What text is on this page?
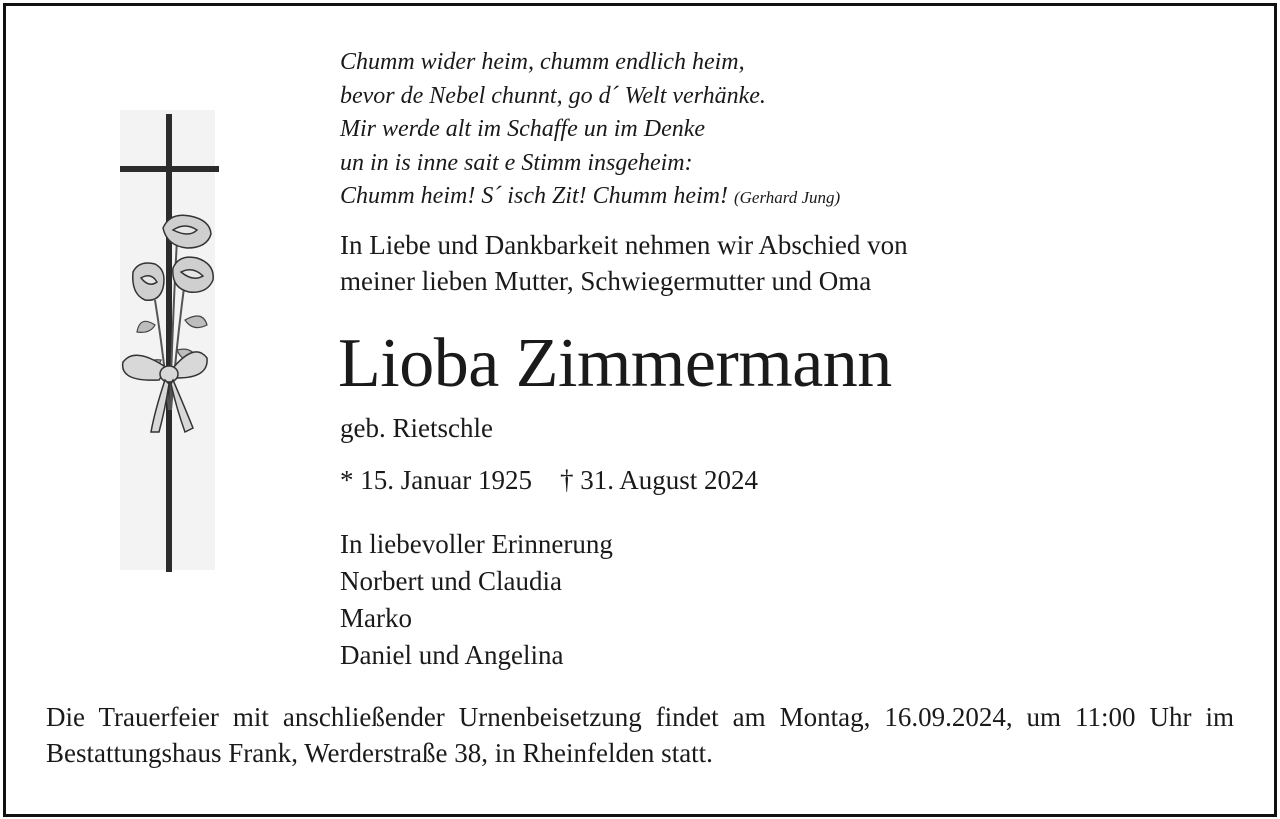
Chumm wider heim, chumm endlich heim,
bevor de Nebel chunnt, go d´ Welt verhänke.
Mir werde alt im Schaffe un im Denke
un in is inne sait e Stimm insgeheim:
Chumm heim! S´ isch Zit! Chumm heim! (Gerhard Jung)
In Liebe und Dankbarkeit nehmen wir Abschied von
meiner lieben Mutter, Schwiegermutter und Oma
Lioba Zimmermann
geb. Rietschle
* 15. Januar 1925 † 31. August 2024
In liebevoller Erinnerung
Norbert und Claudia
Marko
Daniel und Angelina
Die Trauerfeier mit anschließender Urnenbeisetzung findet am Montag, 16.09.2024, um 11:00 Uhr im Bestattungshaus Frank, Werderstraße 38, in Rheinfelden statt.
